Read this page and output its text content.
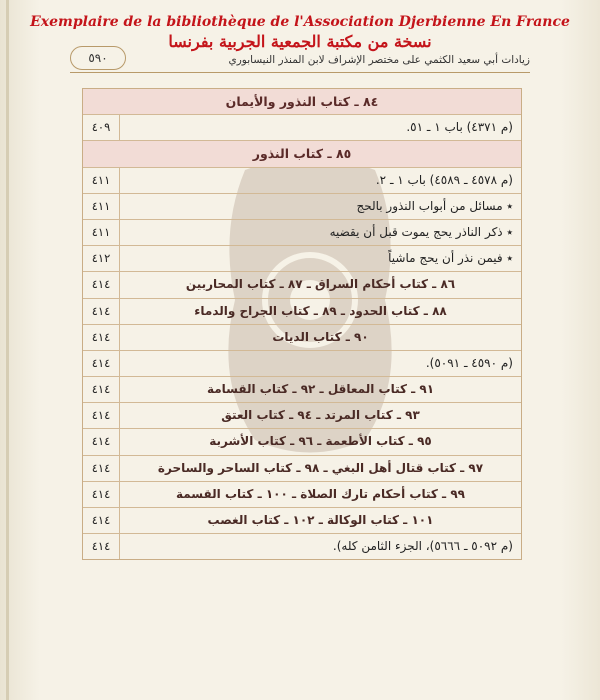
Exemplaire de la bibliothèque de l'Association Djerbienne En France
نسخة من مكتبة الجمعية الجربية بفرنسا
زيادات أبي سعيد الكثمي على مختصر الإشراف لابن المنذر النيسابوري
٥٩٠
٨٤ ـ كتاب النذور والأيمان
(م ٤٣٧١) باب ١ ـ ٥١.
٤٠٩
٨٥ ـ كتاب النذور
(م ٤٥٧٨ ـ ٤٥٨٩) باب ١ ـ ٢.
٤١١
٭ مسائل من أبواب النذور بالحج
٤١١
٭ ذكر الناذر يحج يموت قبل أن يقضيه
٤١١
٭ فيمن نذر أن يحج ماشياً
٤١٢
٨٦ ـ كتاب أحكام السراق ـ ٨٧ ـ كتاب المحاربين
٤١٤
٨٨ ـ كتاب الحدود ـ ٨٩ ـ كتاب الجراح والدماء
٤١٤
٩٠ ـ كتاب الديات
٤١٤
(م ٤٥٩٠ ـ ٥٠٩١).
٤١٤
٩١ ـ كتاب المعاقل ـ ٩٢ ـ كتاب القسامة
٤١٤
٩٣ ـ كتاب المرتد ـ ٩٤ ـ كتاب العتق
٤١٤
٩٥ ـ كتاب الأطعمة ـ ٩٦ ـ كتاب الأشربة
٤١٤
٩٧ ـ كتاب قتال أهل البغي ـ ٩٨ ـ كتاب الساحر والساحرة
٤١٤
٩٩ ـ كتاب أحكام تارك الصلاة ـ ١٠٠ ـ كتاب القسمة
٤١٤
١٠١ ـ كتاب الوكالة ـ ١٠٢ ـ كتاب الغصب
٤١٤
(م ٥٠٩٢ ـ ٥٦٦٦)، الجزء الثامن كله).
٤١٤
